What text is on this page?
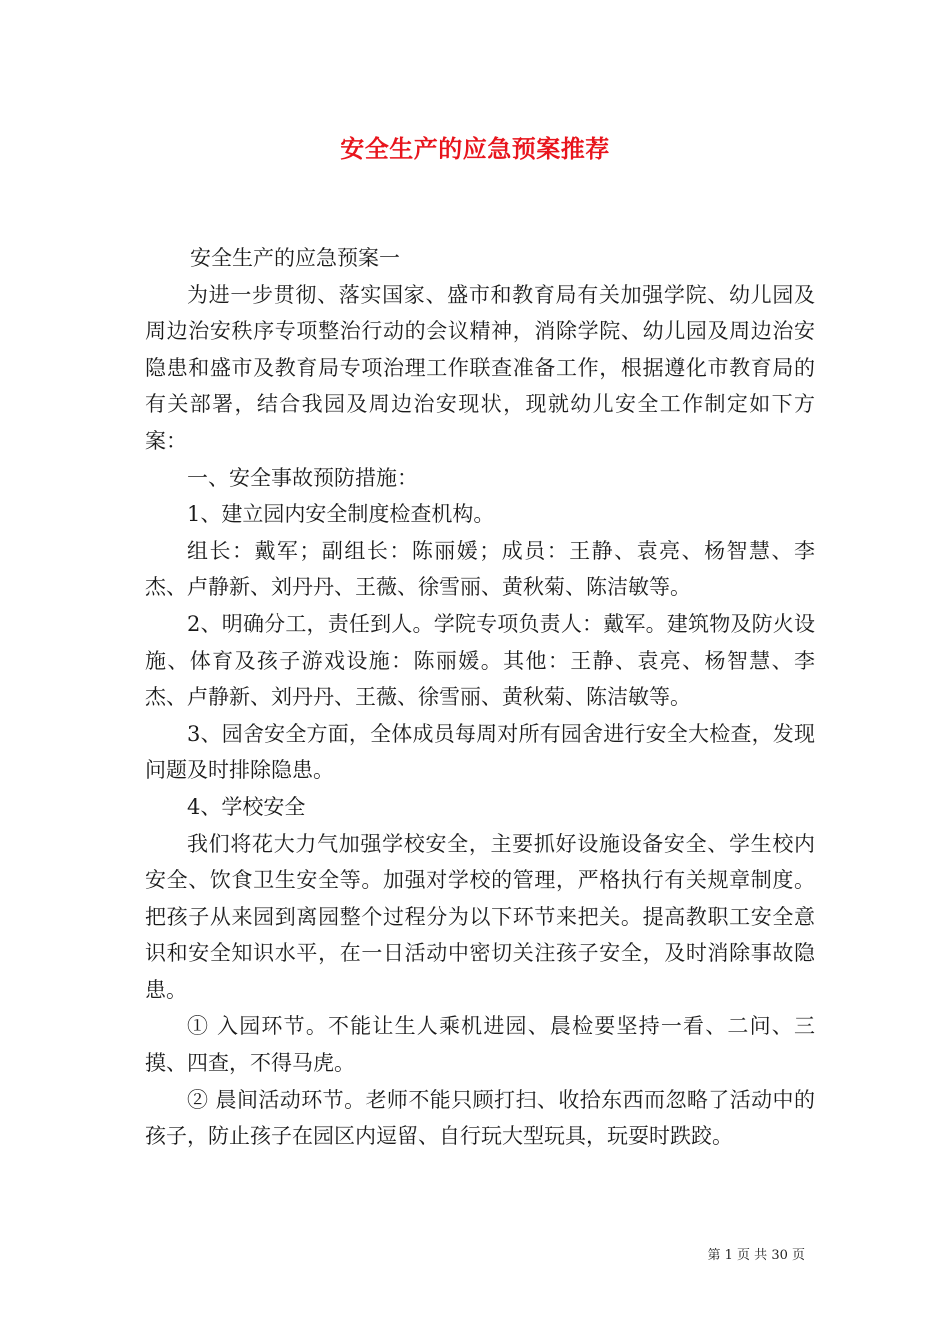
安全生产的应急预案推荐

安全生产的应急预案一

为进一步贯彻、落实国家、盛市和教育局有关加强学院、幼儿园及周边治安秩序专项整治行动的会议精神，消除学院、幼儿园及周边治安隐患和盛市及教育局专项治理工作联查准备工作，根据遵化市教育局的有关部署，结合我园及周边治安现状，现就幼儿安全工作制定如下方案：

一、安全事故预防措施：

1、建立园内安全制度检查机构。

组长：戴军；副组长：陈丽媛；成员：王静、袁亮、杨智慧、李杰、卢静新、刘丹丹、王薇、徐雪丽、黄秋菊、陈洁敏等。

2、明确分工，责任到人。学院专项负责人：戴军。建筑物及防火设施、体育及孩子游戏设施：陈丽媛。其他：王静、袁亮、杨智慧、李杰、卢静新、刘丹丹、王薇、徐雪丽、黄秋菊、陈洁敏等。

3、园舍安全方面，全体成员每周对所有园舍进行安全大检查，发现问题及时排除隐患。

4、学校安全

我们将花大力气加强学校安全，主要抓好设施设备安全、学生校内安全、饮食卫生安全等。加强对学校的管理，严格执行有关规章制度。把孩子从来园到离园整个过程分为以下环节来把关。提高教职工安全意识和安全知识水平，在一日活动中密切关注孩子安全，及时消除事故隐患。

① 入园环节。不能让生人乘机进园、晨检要坚持一看、二问、三摸、四查，不得马虎。

② 晨间活动环节。老师不能只顾打扫、收拾东西而忽略了活动中的孩子，防止孩子在园区内逗留、自行玩大型玩具，玩耍时跌跤。

第 1 页 共 30 页
